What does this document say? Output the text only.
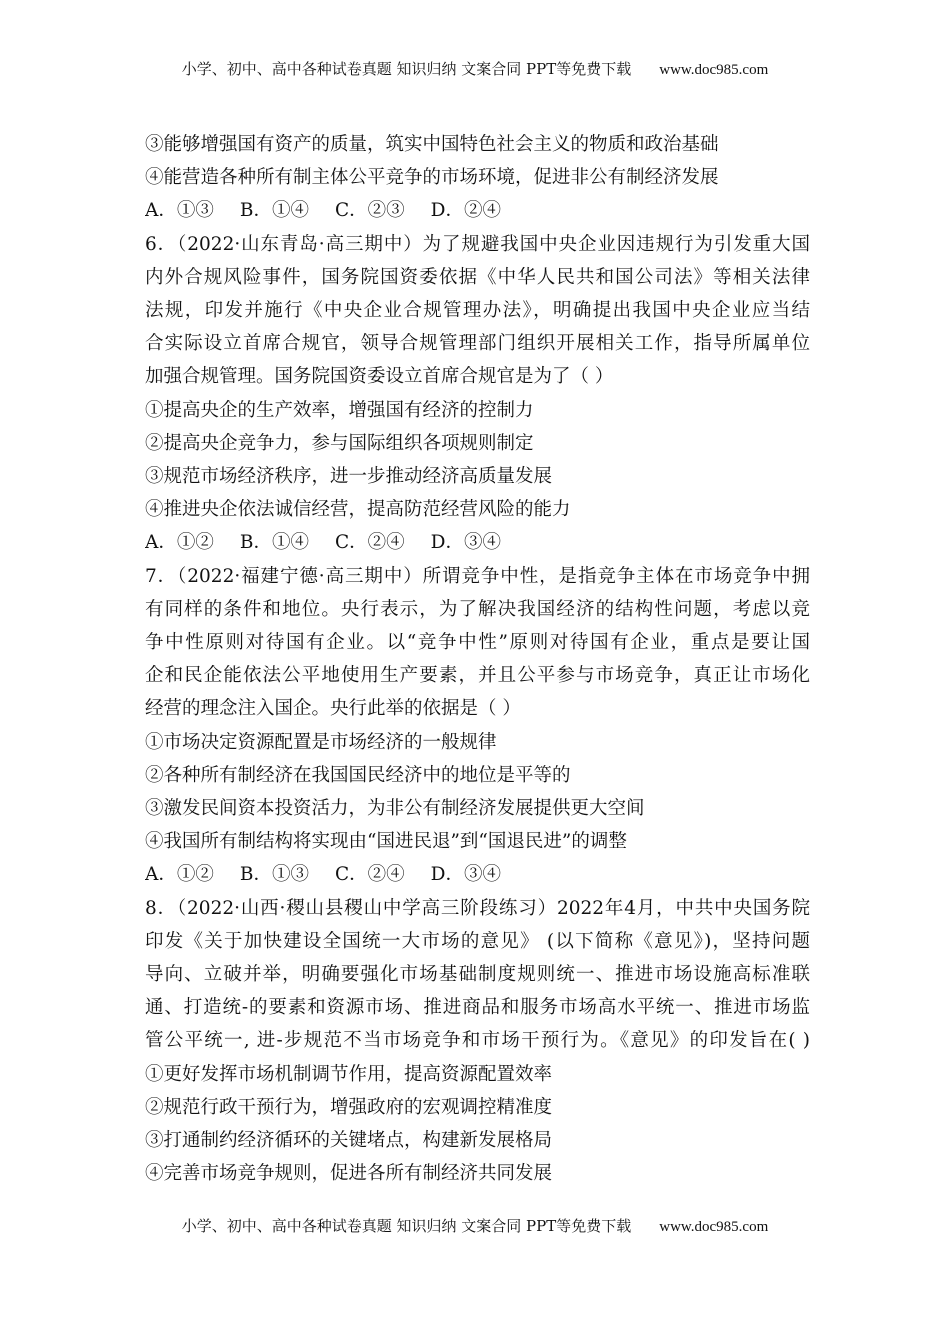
小学、初中、高中各种试卷真题 知识归纳 文案合同 PPT等免费下载 www.doc985.com
③能够增强国有资产的质量，筑实中国特色社会主义的物质和政治基础
④能营造各种所有制主体公平竞争的市场环境，促进非公有制经济发展
A．①③ B．①④ C．②③ D．②④
6．（2022·山东青岛·高三期中）为了规避我国中央企业因违规行为引发重大国
内外合规风险事件，国务院国资委依据《中华人民共和国公司法》等相关法律
法规，印发并施行《中央企业合规管理办法》，明确提出我国中央企业应当结
合实际设立首席合规官，领导合规管理部门组织开展相关工作，指导所属单位
加强合规管理。国务院国资委设立首席合规官是为了（ ）
①提高央企的生产效率，增强国有经济的控制力
②提高央企竞争力，参与国际组织各项规则制定
③规范市场经济秩序，进一步推动经济高质量发展
④推进央企依法诚信经营，提高防范经营风险的能力
A．①② B．①④ C．②④ D．③④
7．（2022·福建宁德·高三期中）所谓竞争中性，是指竞争主体在市场竞争中拥
有同样的条件和地位。央行表示，为了解决我国经济的结构性问题，考虑以竞
争中性原则对待国有企业。以“竞争中性”原则对待国有企业，重点是要让国
企和民企能依法公平地使用生产要素，并且公平参与市场竞争，真正让市场化
经营的理念注入国企。央行此举的依据是（ ）
①市场决定资源配置是市场经济的一般规律
②各种所有制经济在我国国民经济中的地位是平等的
③激发民间资本投资活力，为非公有制经济发展提供更大空间
④我国所有制结构将实现由“国进民退”到“国退民进”的调整
A．①② B．①③ C．②④ D．③④
8．（2022·山西·稷山县稷山中学高三阶段练习）2022年4月，中共中央国务院
印发《关于加快建设全国统一大市场的意见》 (以下简称《意见》)，坚持问题
导向、立破并举，明确要强化市场基础制度规则统一、推进市场设施高标准联
通、打造统-的要素和资源市场、推进商品和服务市场高水平统一、推进市场监
管公平统一, 进-步规范不当市场竞争和市场干预行为。《意见》的印发旨在( )
①更好发挥市场机制调节作用，提高资源配置效率
②规范行政干预行为，增强政府的宏观调控精准度
③打通制约经济循环的关键堵点，构建新发展格局
④完善市场竞争规则，促进各所有制经济共同发展
小学、初中、高中各种试卷真题 知识归纳 文案合同 PPT等免费下载 www.doc985.com
